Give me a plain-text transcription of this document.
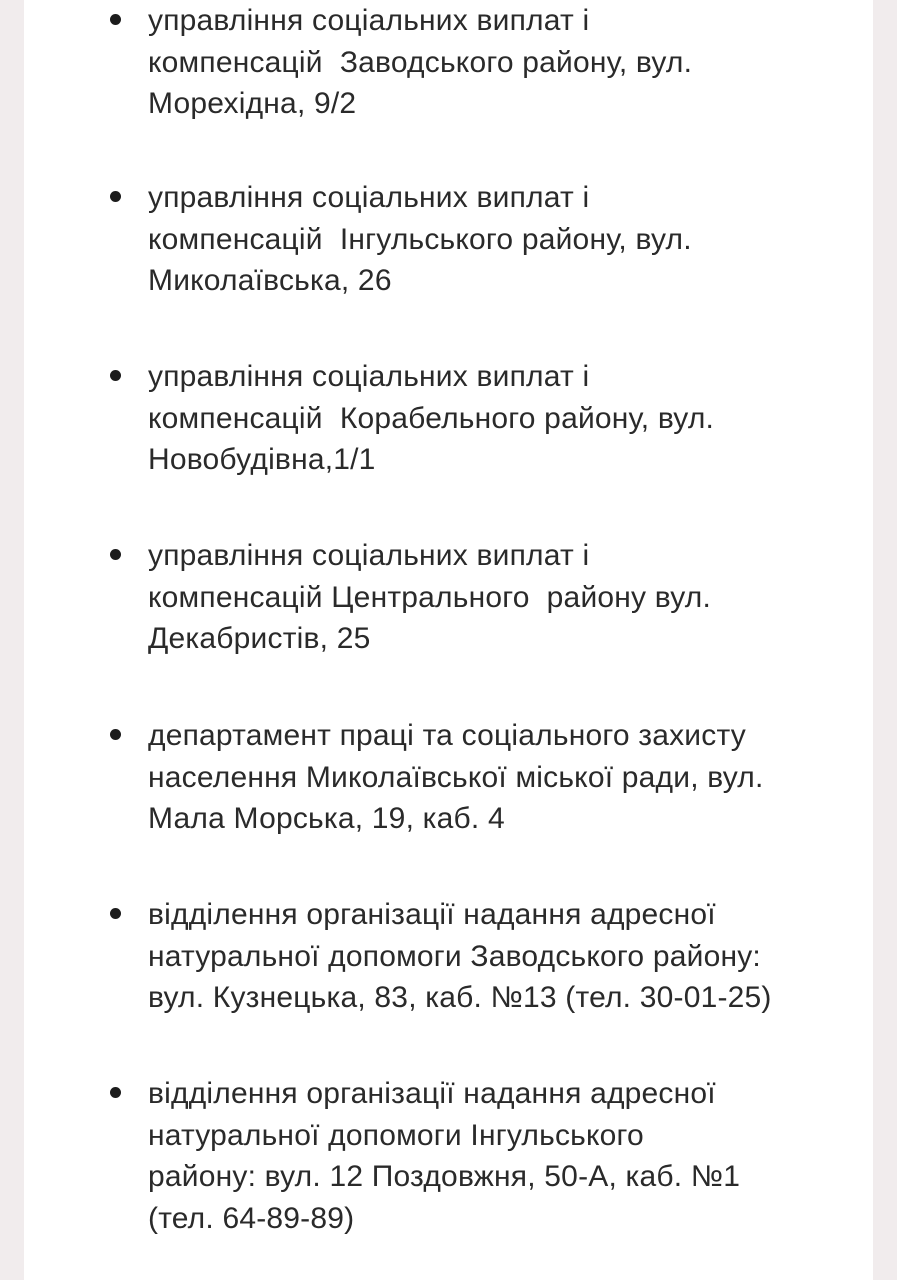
управління соціальних виплат і
компенсацій  Заводського району, вул.
Морехідна, 9/2
управління соціальних виплат і
компенсацій  Інгульського району, вул.
Миколаївська, 26
управління соціальних виплат і
компенсацій  Корабельного району, вул.
Новобудівна,1/1
управління соціальних виплат і
компенсацій Центрального  району вул.
Декабристів, 25
департамент праці та соціального захисту
населення Миколаївської міської ради, вул.
Мала Морська, 19, каб. 4
відділення організації надання адресної
натуральної допомоги Заводського району:
вул. Кузнецька, 83, каб. №13 (тел. 30-01-25)
відділення організації надання адресної
натуральної допомоги Інгульського
району: вул. 12 Поздовжня, 50-А, каб. №1
(тел. 64-89-89)
